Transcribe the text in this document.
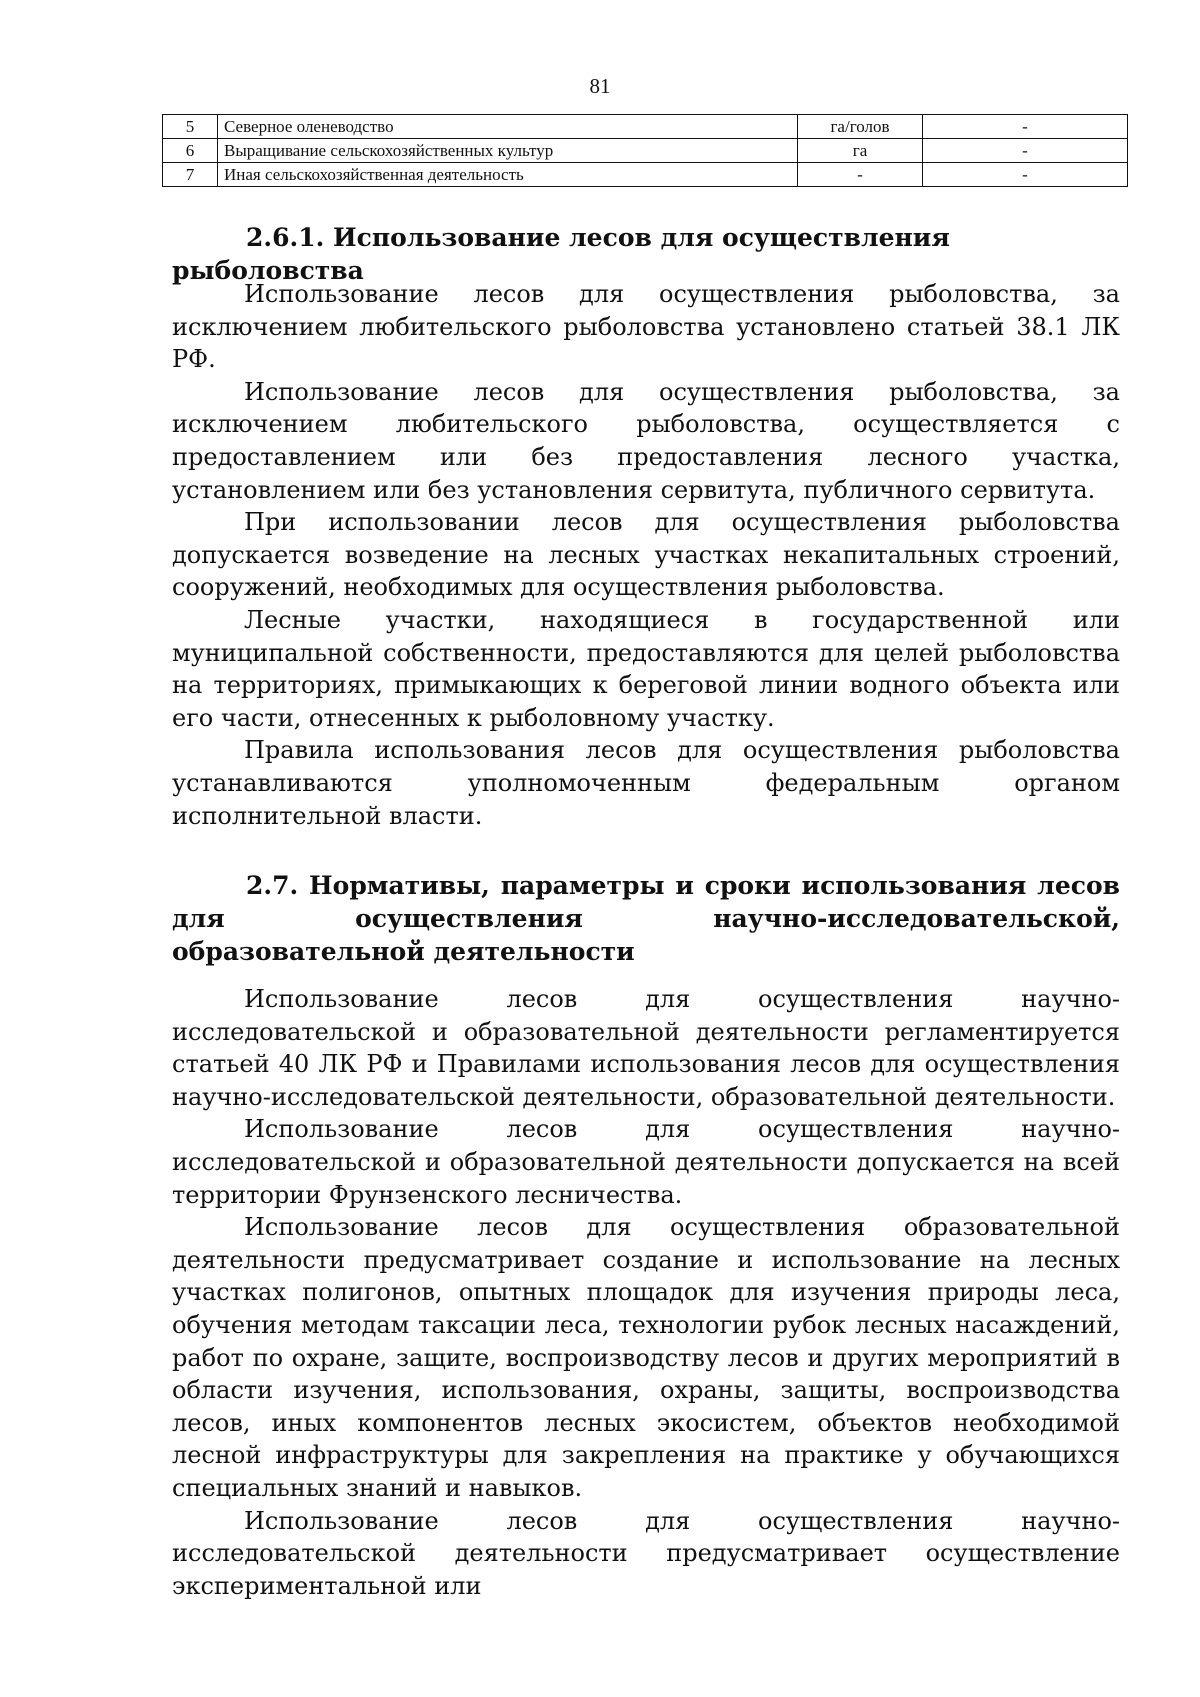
81
5	Северное оленеводство	га/голов	-
6	Выращивание сельскохозяйственных культур	га	-
7	Иная сельскохозяйственная деятельность	-	-
2.6.1. Использование лесов для осуществления рыболовства

Использование лесов для осуществления рыболовства, за исключением любительского рыболовства установлено статьей 38.1 ЛК РФ.

Использование лесов для осуществления рыболовства, за исключением любительского рыболовства, осуществляется с предоставлением или без предоставления лесного участка, установлением или без установления сервитута, публичного сервитута.

При использовании лесов для осуществления рыболовства допускается возведение на лесных участках некапитальных строений, сооружений, необходимых для осуществления рыболовства.

Лесные участки, находящиеся в государственной или муниципальной собственности, предоставляются для целей рыболовства на территориях, примыкающих к береговой линии водного объекта или его части, отнесенных к рыболовному участку.

Правила использования лесов для осуществления рыболовства устанавливаются уполномоченным федеральным органом исполнительной власти.

2.7. Нормативы, параметры и сроки использования лесов для осуществления научно-исследовательской, образовательной деятельности

Использование лесов для осуществления научно-исследовательской и образовательной деятельности регламентируется статьей 40 ЛК РФ и Правилами использования лесов для осуществления научно-исследовательской деятельности, образовательной деятельности.

Использование лесов для осуществления научно-исследовательской и образовательной деятельности допускается на всей территории Фрунзенского лесничества.

Использование лесов для осуществления образовательной деятельности предусматривает создание и использование на лесных участках полигонов, опытных площадок для изучения природы леса, обучения методам таксации леса, технологии рубок лесных насаждений, работ по охране, защите, воспроизводству лесов и других мероприятий в области изучения, использования, охраны, защиты, воспроизводства лесов, иных компонентов лесных экосистем, объектов необходимой лесной инфраструктуры для закрепления на практике у обучающихся специальных знаний и навыков.

Использование лесов для осуществления научно-исследовательской деятельности предусматривает осуществление экспериментальной или
